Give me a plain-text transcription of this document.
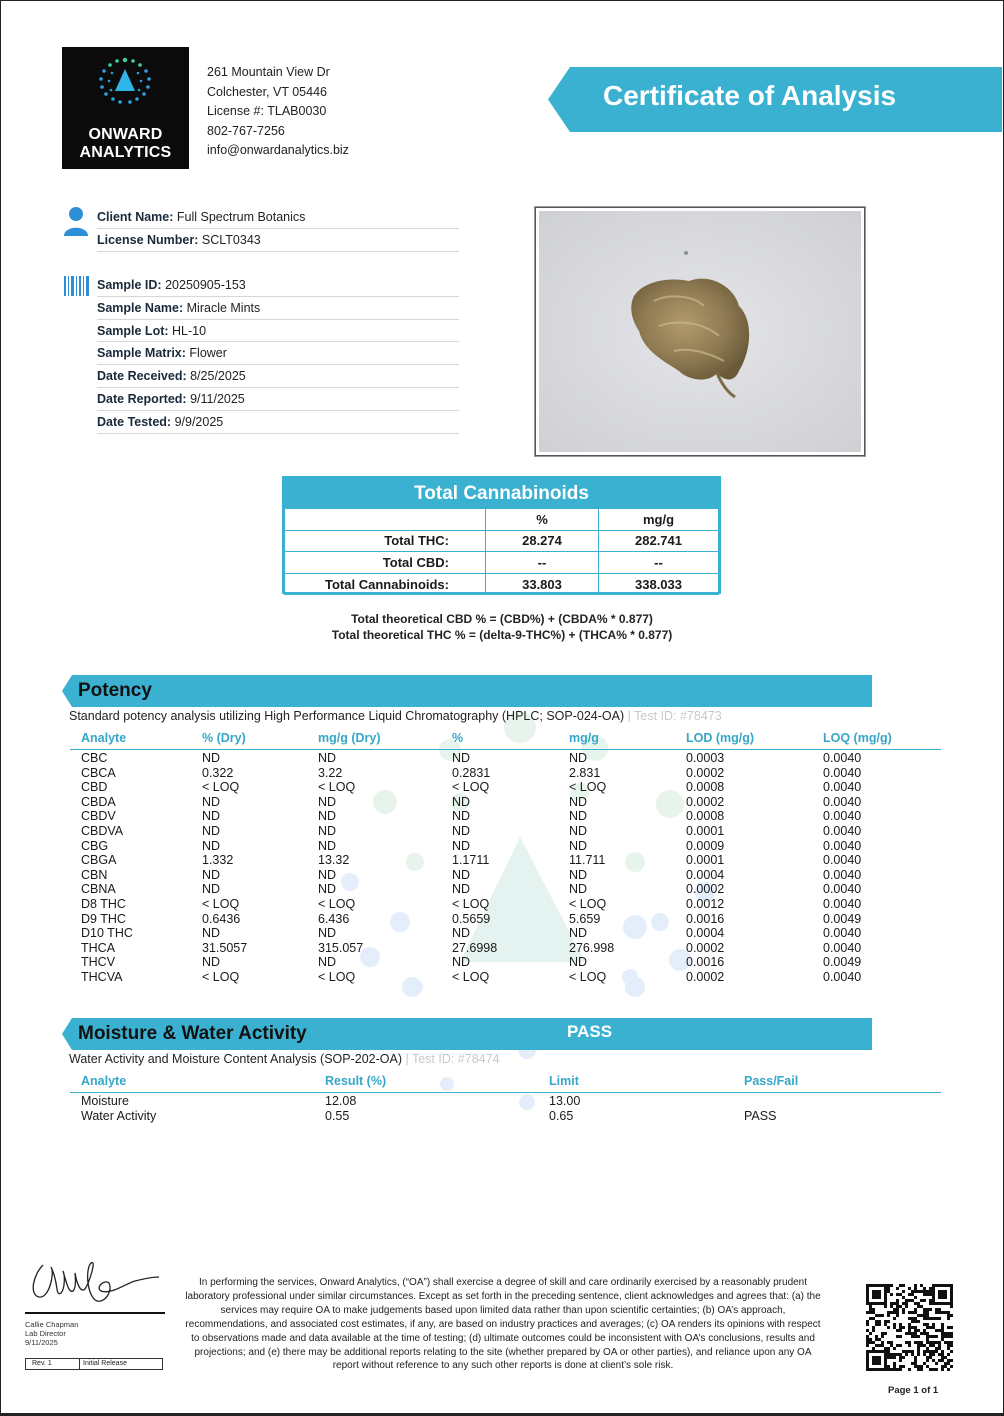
ONWARD
ANALYTICS
261 Mountain View Dr
Colchester, VT 05446
License #: TLAB0030
802-767-7256
info@onwardanalytics.biz
Certificate of Analysis
Client Name: Full Spectrum Botanics
License Number: SCLT0343
Sample ID: 20250905-153
Sample Name: Miracle Mints
Sample Lot: HL-10
Sample Matrix: Flower
Date Received: 8/25/2025
Date Reported: 9/11/2025
Date Tested: 9/9/2025
Total Cannabinoids
	%	mg/g
Total THC:	28.274	282.741
Total CBD:	--	--
Total Cannabinoids:	33.803	338.033
Total theoretical CBD % = (CBD%) + (CBDA% * 0.877)
Total theoretical THC % = (delta-9-THC%) + (THCA% * 0.877)
Potency
Standard potency analysis utilizing High Performance Liquid Chromatography (HPLC; SOP-024-OA) | Test ID: #78473
Analyte	% (Dry)	mg/g (Dry)	%	mg/g	LOD (mg/g)	LOQ (mg/g)
CBC	ND	ND	ND	ND	0.0003	0.0040
CBCA	0.322	3.22	0.2831	2.831	0.0002	0.0040
CBD	< LOQ	< LOQ	< LOQ	< LOQ	0.0008	0.0040
CBDA	ND	ND	ND	ND	0.0002	0.0040
CBDV	ND	ND	ND	ND	0.0008	0.0040
CBDVA	ND	ND	ND	ND	0.0001	0.0040
CBG	ND	ND	ND	ND	0.0009	0.0040
CBGA	1.332	13.32	1.1711	11.711	0.0001	0.0040
CBN	ND	ND	ND	ND	0.0004	0.0040
CBNA	ND	ND	ND	ND	0.0002	0.0040
D8 THC	< LOQ	< LOQ	< LOQ	< LOQ	0.0012	0.0040
D9 THC	0.6436	6.436	0.5659	5.659	0.0016	0.0049
D10 THC	ND	ND	ND	ND	0.0004	0.0040
THCA	31.5057	315.057	27.6998	276.998	0.0002	0.0040
THCV	ND	ND	ND	ND	0.0016	0.0049
THCVA	< LOQ	< LOQ	< LOQ	< LOQ	0.0002	0.0040
Moisture & Water Activity	PASS
Water Activity and Moisture Content Analysis (SOP-202-OA) | Test ID: #78474
Analyte	Result (%)	Limit	Pass/Fail
Moisture	12.08	13.00
Water Activity	0.55	0.65	PASS
Callie Chapman
Lab Director
9/11/2025
Rev. 1	Initial Release
In performing the services, Onward Analytics, (“OA”) shall exercise a degree of skill and care ordinarily exercised by a reasonably prudent laboratory professional under similar circumstances. Except as set forth in the preceding sentence, client acknowledges and agrees that: (a) the services may require OA to make judgements based upon limited data rather than upon scientific certainties; (b) OA’s approach, recommendations, and associated cost estimates, if any, are based on industry practices and averages; (c) OA renders its opinions with respect to observations made and data available at the time of testing; (d) ultimate outcomes could be inconsistent with OA’s conclusions, results and projections; and (e) there may be additional reports relating to the site (whether prepared by OA or other parties), and reliance upon any OA report without reference to any such other reports is done at client’s sole risk.
Page 1 of 1
